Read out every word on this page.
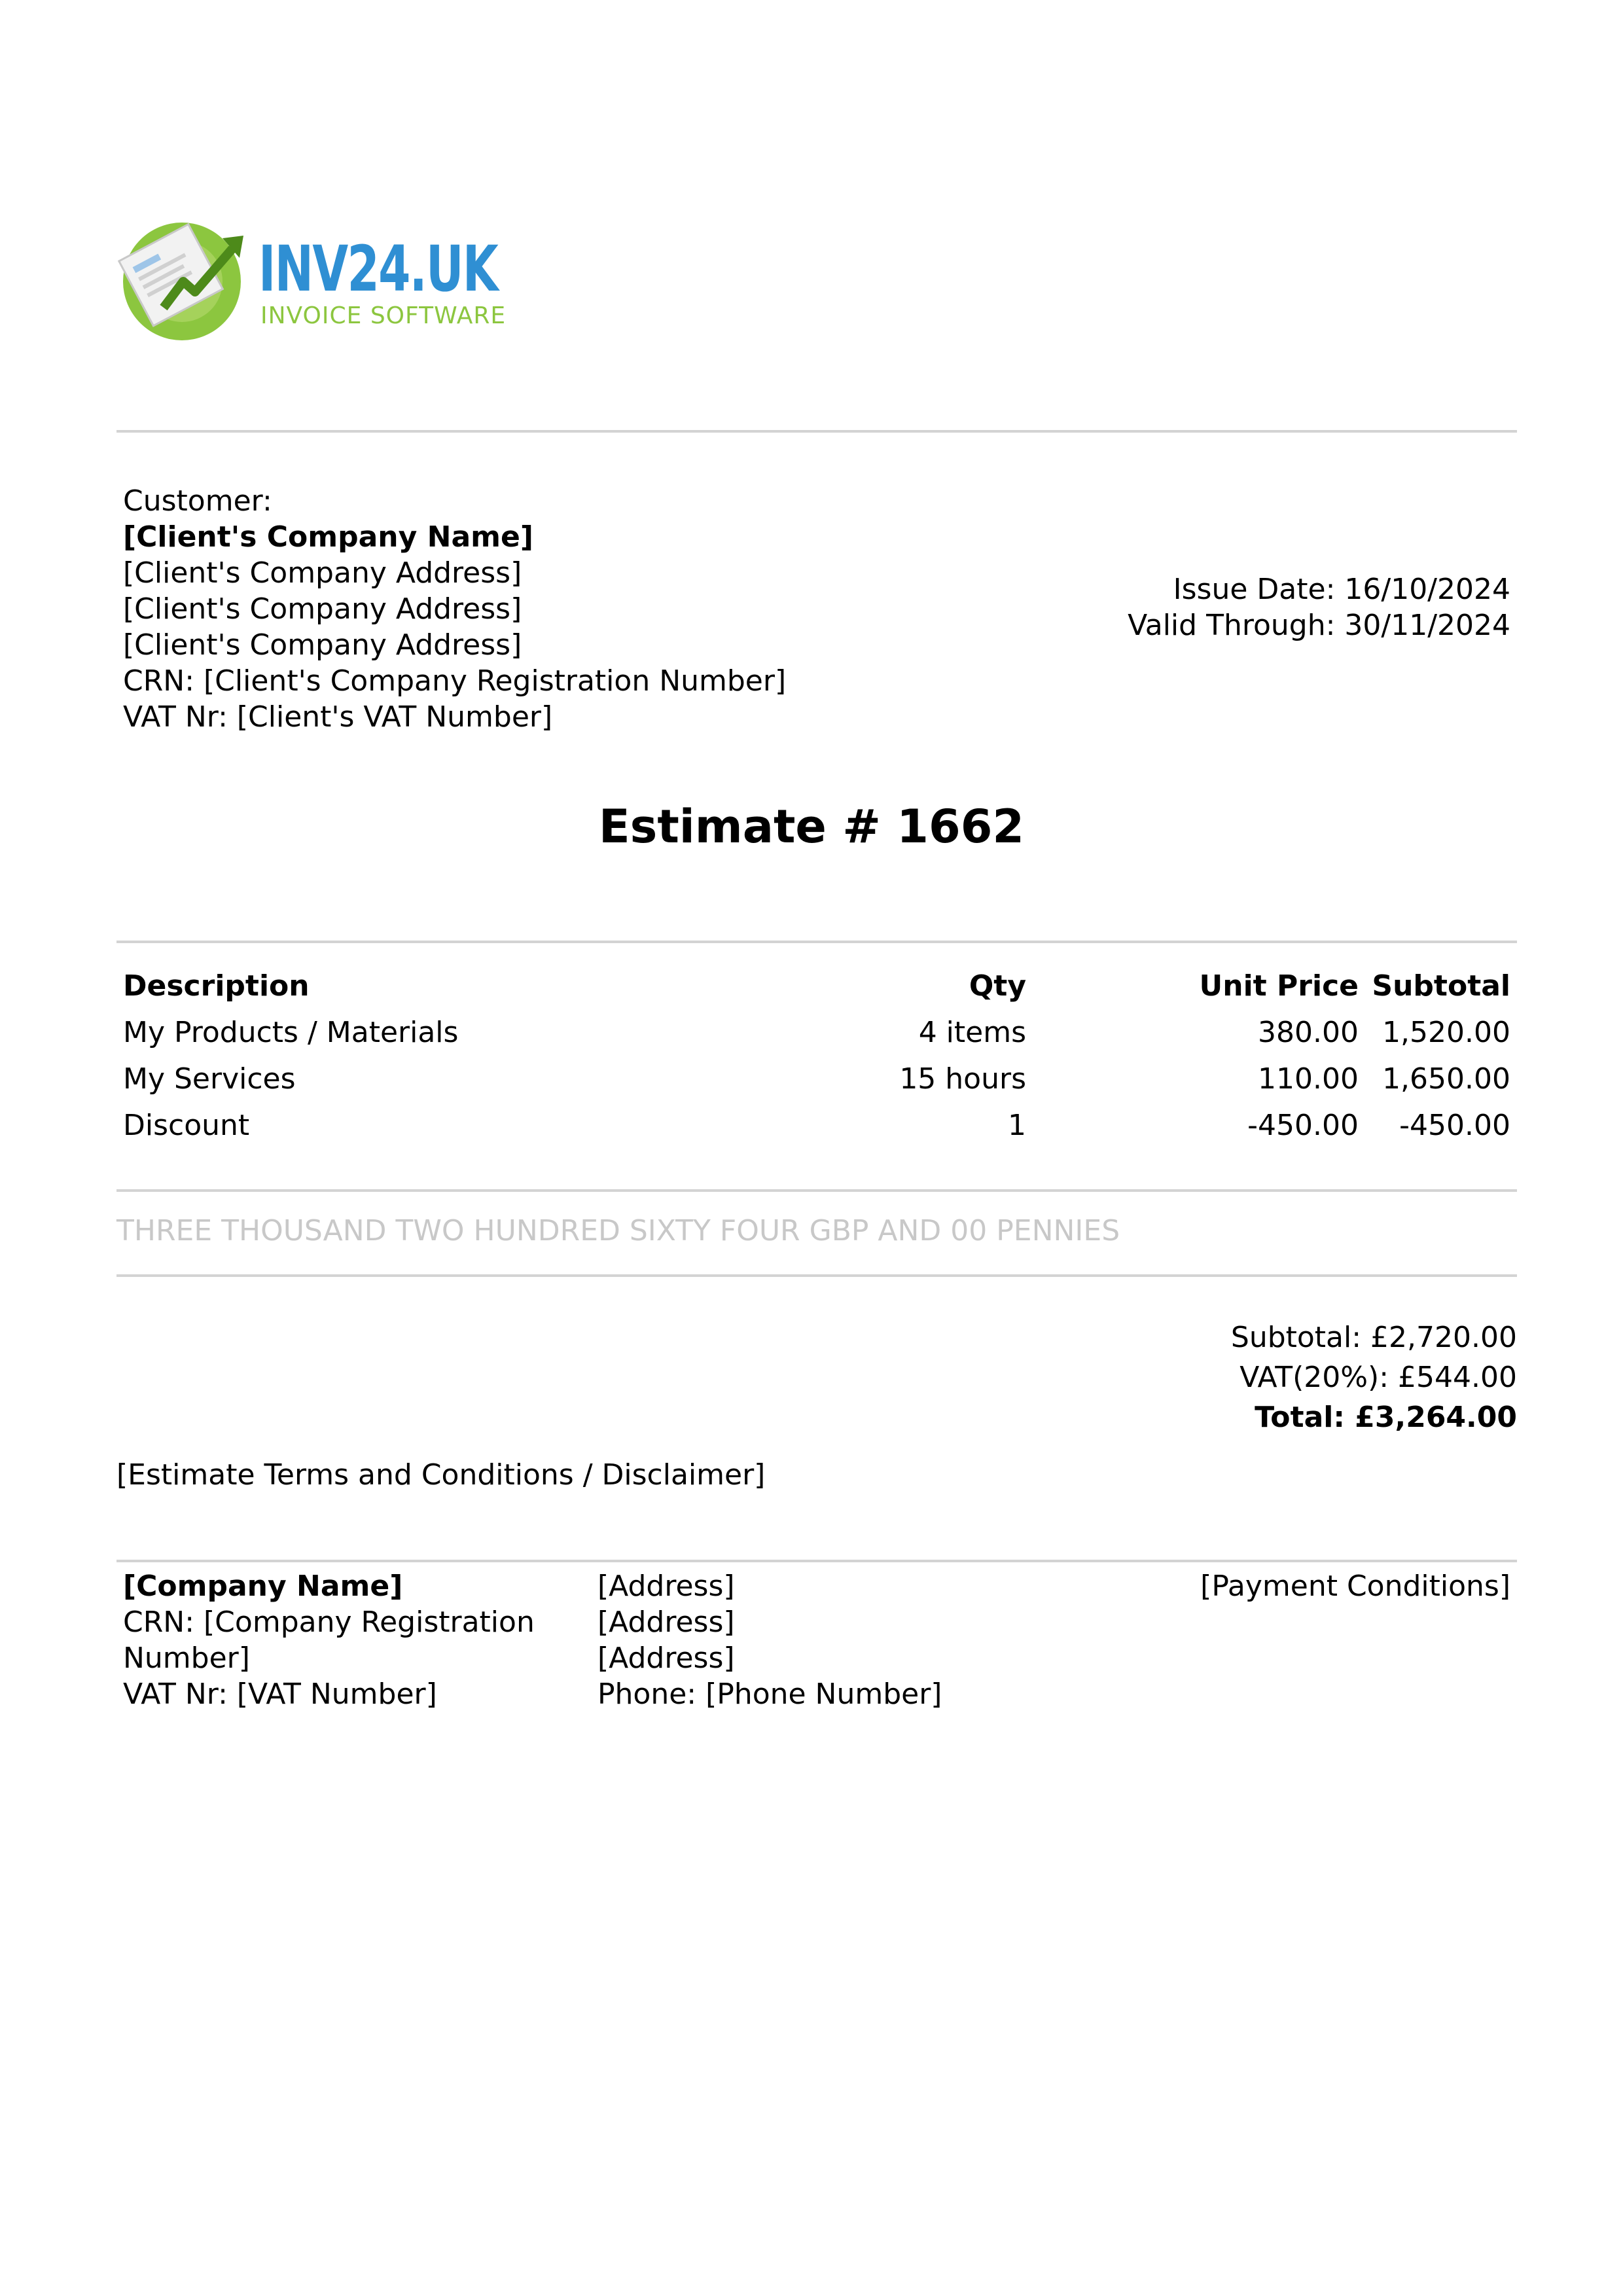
INV24.UK
INVOICE SOFTWARE
Customer:
[Client's Company Name]
[Client's Company Address]
[Client's Company Address]
[Client's Company Address]
CRN: [Client's Company Registration Number]
VAT Nr: [Client's VAT Number]
Issue Date: 16/10/2024
Valid Through: 30/11/2024
Estimate # 1662
Description	Qty	Unit Price	Subtotal
My Products / Materials	4 items	380.00	1,520.00
My Services	15 hours	110.00	1,650.00
Discount	1	-450.00	-450.00
THREE THOUSAND TWO HUNDRED SIXTY FOUR GBP AND 00 PENNIES
Subtotal: £2,720.00
VAT(20%): £544.00
Total: £3,264.00
[Estimate Terms and Conditions / Disclaimer]
[Company Name]
CRN: [Company Registration Number]
VAT Nr: [VAT Number]
[Address]
[Address]
[Address]
Phone: [Phone Number]
[Payment Conditions]
